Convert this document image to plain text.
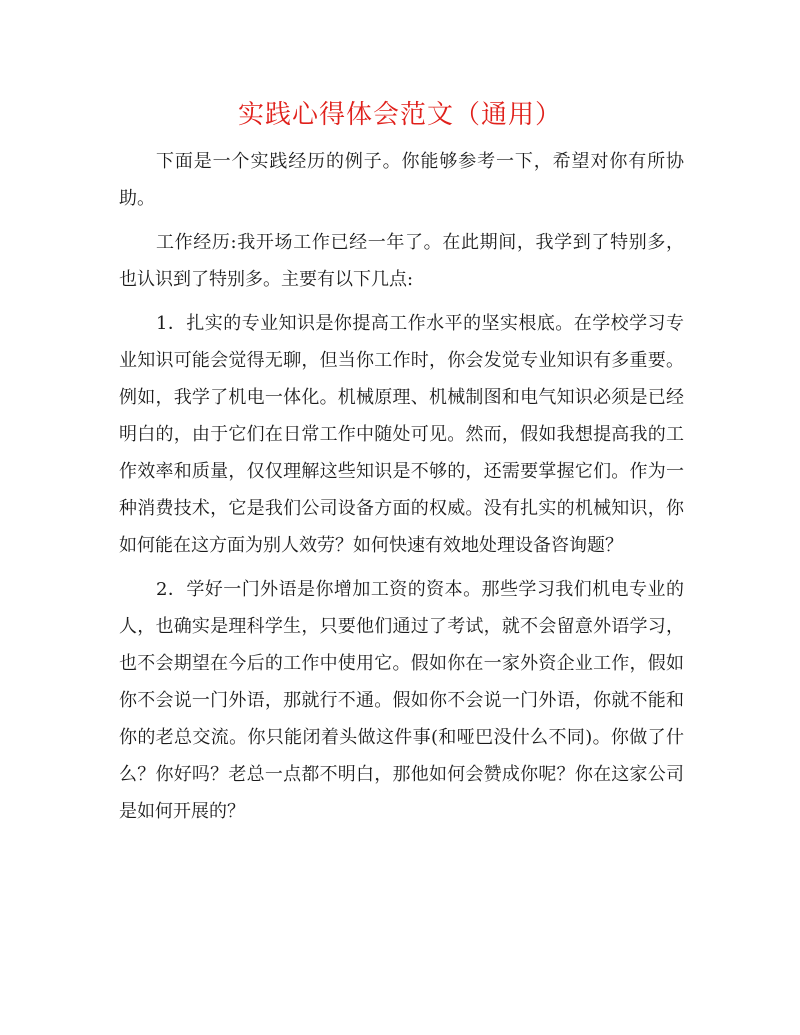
实践心得体会范文（通用）

下面是一个实践经历的例子。你能够参考一下，希望对你有所协助。

工作经历:我开场工作已经一年了。在此期间，我学到了特别多，也认识到了特别多。主要有以下几点:

1．扎实的专业知识是你提高工作水平的坚实根底。在学校学习专业知识可能会觉得无聊，但当你工作时，你会发觉专业知识有多重要。例如，我学了机电一体化。机械原理、机械制图和电气知识必须是已经明白的，由于它们在日常工作中随处可见。然而，假如我想提高我的工作效率和质量，仅仅理解这些知识是不够的，还需要掌握它们。作为一种消费技术，它是我们公司设备方面的权威。没有扎实的机械知识，你如何能在这方面为别人效劳？如何快速有效地处理设备咨询题？

2．学好一门外语是你增加工资的资本。那些学习我们机电专业的人，也确实是理科学生，只要他们通过了考试，就不会留意外语学习，也不会期望在今后的工作中使用它。假如你在一家外资企业工作，假如你不会说一门外语，那就行不通。假如你不会说一门外语，你就不能和你的老总交流。你只能闭着头做这件事(和哑巴没什么不同)。你做了什么？你好吗？老总一点都不明白，那他如何会赞成你呢？你在这家公司是如何开展的？
